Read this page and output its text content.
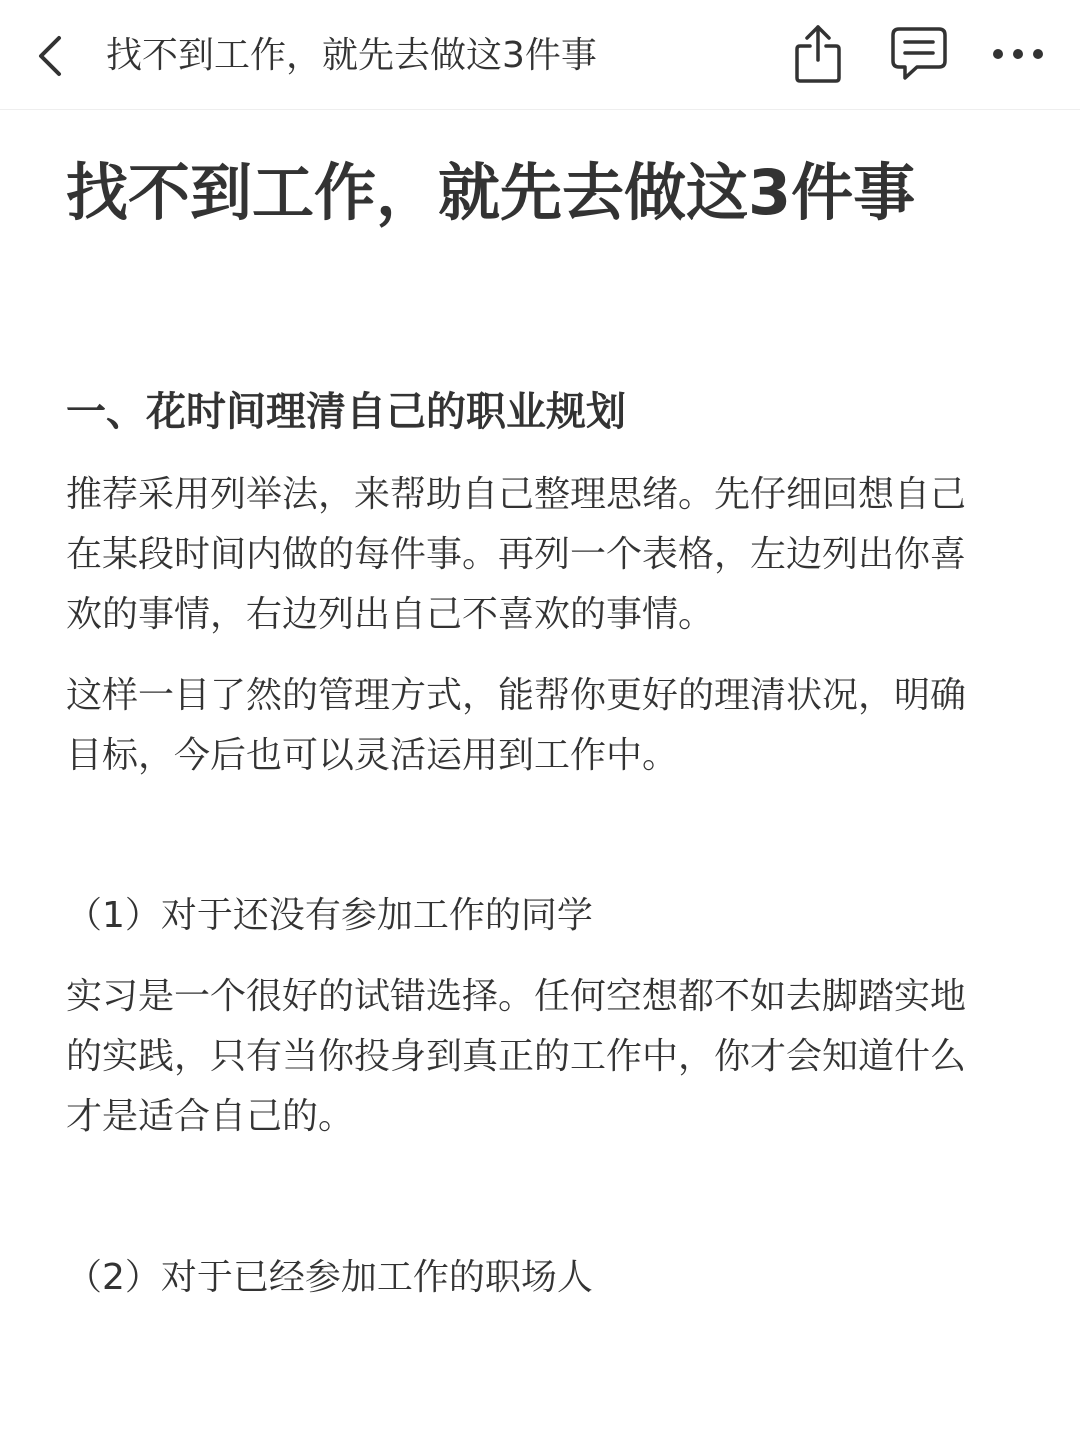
找不到工作，就先去做这3件事
找不到工作，就先去做这3件事
一、花时间理清自己的职业规划

推荐采用列举法，来帮助自己整理思绪。先仔细回想自己在某段时间内做的每件事。再列一个表格，左边列出你喜欢的事情，右边列出自己不喜欢的事情。

这样一目了然的管理方式，能帮你更好的理清状况，明确目标，今后也可以灵活运用到工作中。

（1）对于还没有参加工作的同学

实习是一个很好的试错选择。任何空想都不如去脚踏实地的实践，只有当你投身到真正的工作中，你才会知道什么才是适合自己的。

（2）对于已经参加工作的职场人
